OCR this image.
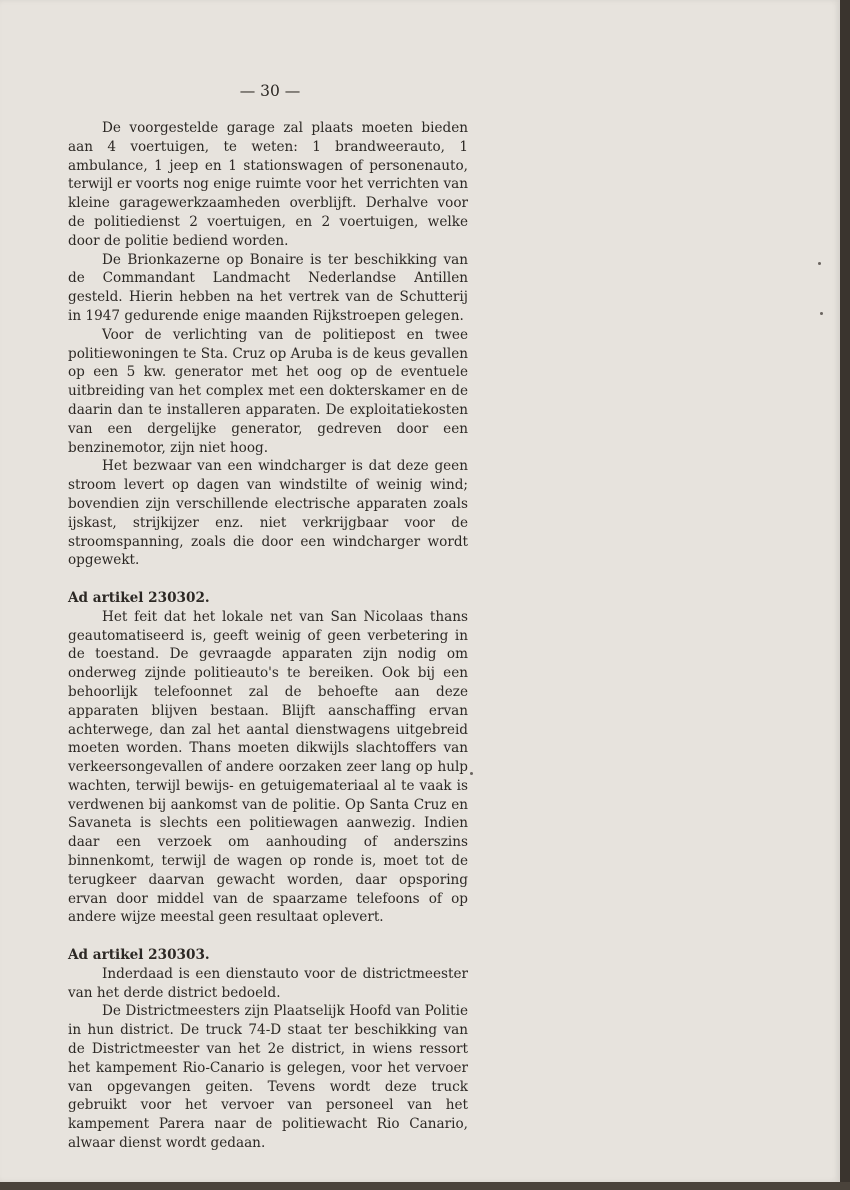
— 30 —

De voorgestelde garage zal plaats moeten bieden aan 4 voertuigen, te weten: 1 brandweerauto, 1 ambulance, 1 jeep en 1 stationswagen of personenauto, terwijl er voorts nog enige ruimte voor het verrichten van kleine garagewerkzaamheden overblijft. Derhalve voor de politiedienst 2 voertuigen, en 2 voertuigen, welke door de politie bediend worden.

De Brionkazerne op Bonaire is ter beschikking van de Commandant Landmacht Nederlandse Antillen gesteld. Hierin hebben na het vertrek van de Schutterij in 1947 gedurende enige maanden Rijkstroepen gelegen.

Voor de verlichting van de politiepost en twee politiewoningen te Sta. Cruz op Aruba is de keus gevallen op een 5 kw. generator met het oog op de eventuele uitbreiding van het complex met een dokterskamer en de daarin dan te installeren apparaten. De exploitatiekosten van een dergelijke generator, gedreven door een benzinemotor, zijn niet hoog.

Het bezwaar van een windcharger is dat deze geen stroom levert op dagen van windstilte of weinig wind; bovendien zijn verschillende electrische apparaten zoals ijskast, strijkijzer enz. niet verkrijgbaar voor de stroomspanning, zoals die door een windcharger wordt opgewekt.

Ad artikel 230302.

Het feit dat het lokale net van San Nicolaas thans geautomatiseerd is, geeft weinig of geen verbetering in de toestand. De gevraagde apparaten zijn nodig om onderweg zijnde politieauto's te bereiken. Ook bij een behoorlijk telefoonnet zal de behoefte aan deze apparaten blijven bestaan. Blijft aanschaffing ervan achterwege, dan zal het aantal dienstwagens uitgebreid moeten worden. Thans moeten dikwijls slachtoffers van verkeersongevallen of andere oorzaken zeer lang op hulp wachten, terwijl bewijs- en getuigemateriaal al te vaak is verdwenen bij aankomst van de politie. Op Santa Cruz en Savaneta is slechts een politiewagen aanwezig. Indien daar een verzoek om aanhouding of anderszins binnenkomt, terwijl de wagen op ronde is, moet tot de terugkeer daarvan gewacht worden, daar opsporing ervan door middel van de spaarzame telefoons of op andere wijze meestal geen resultaat oplevert.

Ad artikel 230303.

Inderdaad is een dienstauto voor de districtmeester van het derde district bedoeld.

De Districtmeesters zijn Plaatselijk Hoofd van Politie in hun district. De truck 74-D staat ter beschikking van de Districtmeester van het 2e district, in wiens ressort het kampement Rio-Canario is gelegen, voor het vervoer van opgevangen geiten. Tevens wordt deze truck gebruikt voor het vervoer van personeel van het kampement Parera naar de politiewacht Rio Canario, alwaar dienst wordt gedaan.
